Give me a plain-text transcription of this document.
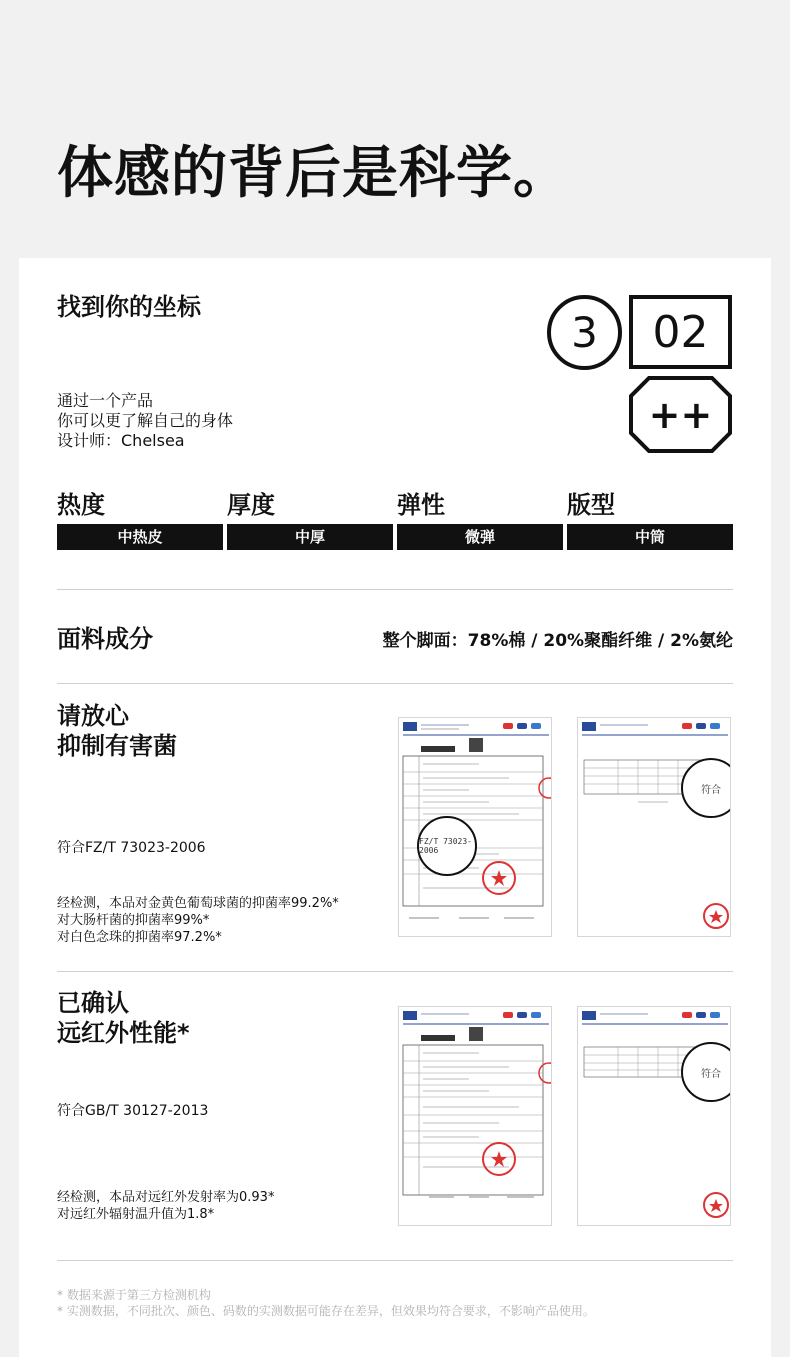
体感的背后是科学。
找到你的坐标
通过一个产品
你可以更了解自己的身体
设计师：Chelsea
3	02
++
热度
中热皮
厚度
中厚
弹性
微弹
版型
中筒
面料成分	整个脚面：78%棉 / 20%聚酯纤维 / 2%氨纶
请放心
抑制有害菌
符合FZ/T 73023-2006
经检测，本品对金黄色葡萄球菌的抑菌率99.2%*
对大肠杆菌的抑菌率99%*
对白色念珠的抑菌率97.2%*
FZ/T 73023-2006
符合
已确认
远红外性能*
符合GB/T 30127-2013
经检测，本品对远红外发射率为0.93*
对远红外辐射温升值为1.8*
符合
* 数据来源于第三方检测机构
* 实测数据，不同批次、颜色、码数的实测数据可能存在差异，但效果均符合要求，不影响产品使用。
